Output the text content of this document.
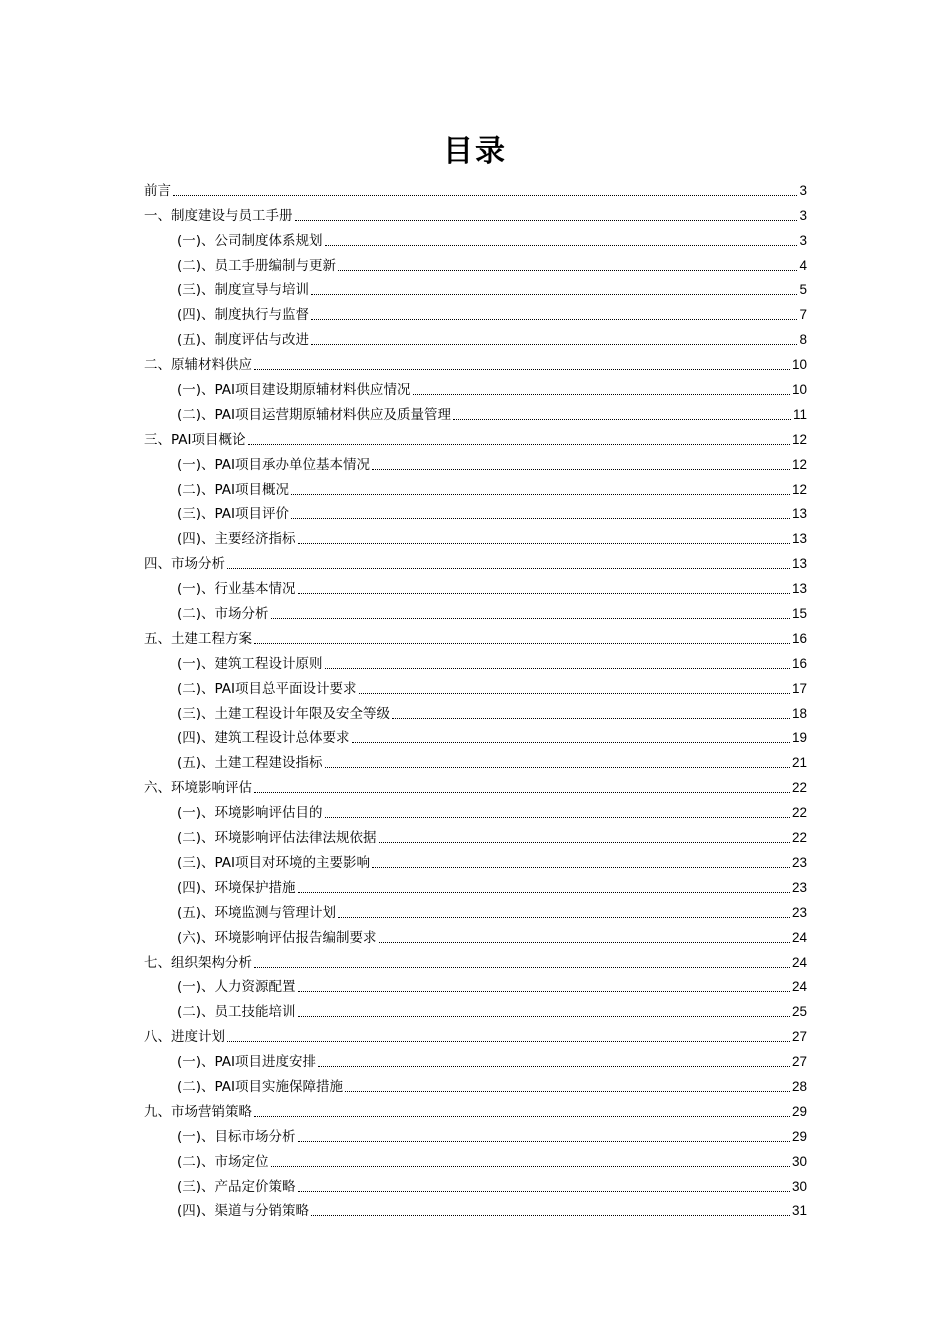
目录
前言	3
一、制度建设与员工手册	3
(一)、公司制度体系规划	3
(二)、员工手册编制与更新	4
(三)、制度宣导与培训	5
(四)、制度执行与监督	7
(五)、制度评估与改进	8
二、原辅材料供应	10
(一)、PAI项目建设期原辅材料供应情况	10
(二)、PAI项目运营期原辅材料供应及质量管理	11
三、PAI项目概论	12
(一)、PAI项目承办单位基本情况	12
(二)、PAI项目概况	12
(三)、PAI项目评价	13
(四)、主要经济指标	13
四、市场分析	13
(一)、行业基本情况	13
(二)、市场分析	15
五、土建工程方案	16
(一)、建筑工程设计原则	16
(二)、PAI项目总平面设计要求	17
(三)、土建工程设计年限及安全等级	18
(四)、建筑工程设计总体要求	19
(五)、土建工程建设指标	21
六、环境影响评估	22
(一)、环境影响评估目的	22
(二)、环境影响评估法律法规依据	22
(三)、PAI项目对环境的主要影响	23
(四)、环境保护措施	23
(五)、环境监测与管理计划	23
(六)、环境影响评估报告编制要求	24
七、组织架构分析	24
(一)、人力资源配置	24
(二)、员工技能培训	25
八、进度计划	27
(一)、PAI项目进度安排	27
(二)、PAI项目实施保障措施	28
九、市场营销策略	29
(一)、目标市场分析	29
(二)、市场定位	30
(三)、产品定价策略	30
(四)、渠道与分销策略	31
